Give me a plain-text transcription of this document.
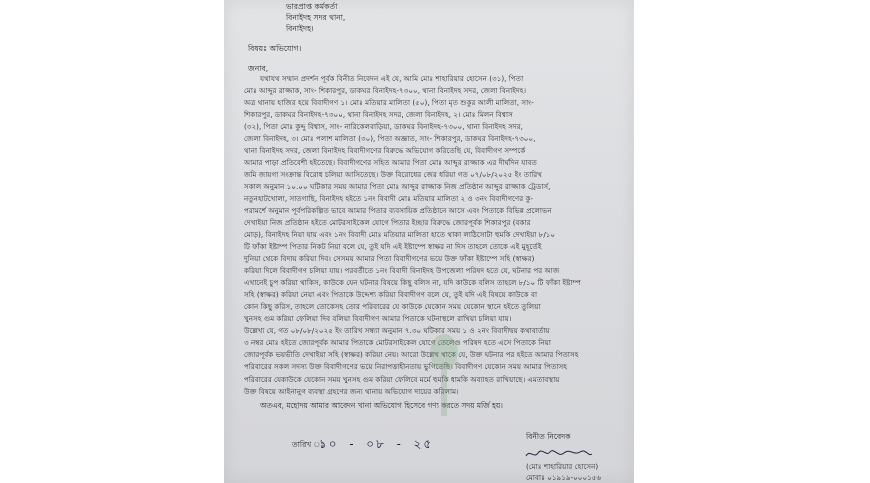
ভারপ্রাপ্ত কর্মকর্তা
বিনাইদহ সদর থানা,
বিনাইদহ।
বিষয়ঃ অভিযোগ।
জনাব,
যথাযথ সম্মান প্রদর্শন পূর্বক বিনীত নিবেদন এই যে, আমি মোঃ শাহারিয়ার হোসেন (৩১), পিতা
মোঃ আব্দুর রাজ্জাক, সাং- শিকারপুর, ডাকঘর বিনাইদহ-৭৩০০, থানা বিনাইদহ সদর, জেলা বিনাইদহ।
অত্র থানায় হাজির হয়ে বিবাদীগণ ১। মোঃ মতিয়ার মালিতা (৫০), পিতা মৃত শুকুর আলী মালিতা, সাং-
শিকারপুর, ডাকঘর বিনাইদহ-৭৩০০, থানা বিনাইদহ সদর, জেলা বিনাইদহ, ২। মোঃ মিলন বিশ্বাস
(৩২), পিতা মোঃ কুদ্দু বিশ্বাস, সাং- নারিকেলবাড়িয়া, ডাকঘর বিনাইদহ-৭৩০০, থানা বিনাইদহ সদর,
জেলা বিনাইদহ, ৩। মোঃ পলাশ মালিতা (৩০), পিতা অজ্ঞাত, সাং- শিকারপুর, ডাকঘর বিনাইদহ-৭৩০০,
থানা বিনাইদহ সদর, জেলা বিনাইদহ বিবাদীগণের বিরুদ্ধে অভিযোগ করিতেছি যে, বিবাদীগণ সম্পর্কে
আমার পাড়া প্রতিবেশী হইতেছে। বিবাদীগণের সহিত আমার পিতা মোঃ আব্দুর রাজ্জাক এর দীর্ঘদিন যাবত
জমি জায়গা সংক্রান্ত বিরোধ চলিয়া আসিতেছে। উক্ত বিরোধের জের ধরিয়া গত ০৭/০৮/২০২৫ ইং তারিখ
সকাল অনুমান ১০.০০ ঘটিকার সময় আমার পিতা মোঃ আব্দুর রাজ্জাক নিজ প্রতিষ্ঠান আব্দুর রাজ্জাক ট্রেডার্স,
নতুনহাটখোলা, সাতগাছি, বিনাইদহ হইতে ১নং বিবাদী মোঃ মতিয়ার মালিতা ২ ও ৩নং বিবাদীগণের কু-
পরামর্শে অনুমান পূর্বপরিকল্পিত ভাবে আমার পিতার ব্যবসায়িক প্রতিষ্ঠানে আসে এবং পিতাকে বিভিন্ন প্রলোভন
দেখাইয়া নিজ প্রতিষ্ঠান হইতে মোটরসাইকেল যোগে পিতার ইচ্ছার বিরুদ্ধে জোরপূর্বক শিকারপুর (বকার
মোড়), বিনাইদহ নিয়া যায় এবং ১নং বিবাদী মোঃ মতিয়ার মালিতা হাতে থাকা লাঠিসোটা হুমকি দেখাইয়া ৮/১০
টি ফাঁকা ইষ্টাম্প পিতার নিকট নিয়া বলে যে, তুই যদি এই ইষ্টাম্পে স্বাক্ষর না দিস তাহলে তোকে এই মুহূর্তেই
দুনিয়া থেকে বিদায় করিয়া দিব। সেসময় আমার পিতা বিবাদীগণের ভয়ে উক্ত ফাঁকা ইষ্টাম্পে সহি (স্বাক্ষর)
করিয়া দিলে বিবাদীগণ চলিয়া যায়। পরবর্তীতে ১নং বিবাদী বিনাইদহ উপজেলা পরিষদ হতে যে, ঘটনার পর আজ
এখানেই চুপ করিয়া থাকিস, কাউকে যেন ঘটনার বিষয়ে কিছু বলিস না, যদি কাউকে বলিস তাহলে ৮/১০ টি ফাঁকা ইষ্টাম্প
সহি (স্বাক্ষর) করিয়া নেয়া এবং পিতাকে উদ্দেশ্য করিয়া বিবাদীগণ বলে যে, তুই যদি এই বিষয়ে কাউকে বা
কোন কিছু করিস, তাহলে তোকেসহ তোর পরিবারের যে কাউকে যেকোন সময় যেকোন স্থানে হইতে তুলিয়া
খুনসহ গুম করিয়া ফেলিয়া দিব বলিয়া বিবাদীগণ আমার পিতাকে ঘটনাস্থলে রাখিয়া চলিয়া যায়।
উল্লেখ্য যে, গত ০৮/০৮/২০২৫ ইং তারিখ সন্ধ্যা অনুমান ৭.৩০ ঘটিকার সময় ১ ও ২নং বিবাদীদ্বয় কথাবার্তায়
৩ নম্বর মোঃ হইতে জোরপূর্বক আমার পিতাকে মোটরসাইকেল যোগে তেলেগু পরিষদ হতে এসে পিতাকে নিয়া
জোরপূর্বক ভয়ভীতি দেখাইয়া সহি (স্বাক্ষর) করিয়া নেয়। আরো উল্লেখ থাকে যে, উক্ত ঘটনার পর হইতে আমার পিতাসহ
পরিবারের সকল সদস্য উক্ত বিবাদীগণের ভয়ে নিরাপত্তাহীনতায় ভুগিতেছি। বিবাদীগণ যেকোন সময় আমার পিতাসহ
পরিবারের যেকাউকে যেকোন সময় খুনসহ গুম করিয়া ফেলিবে মর্মে হুমকি ধামকি অব্যাহত রাখিয়াছে। এমতাবস্থায়
উক্ত বিষয়ে আইনানুগ ব্যবস্থা গ্রহণের জন্য থানায় অভিযোগ দায়ের করিলাম।
অতএব, মহোদয় আমার আবেদন খানা অভিযোগ হিসেবে গণ্য করতে সদয় মর্জি হয়।
তারিখ ঃ
১০ - ০৮ - ২৫
বিনীত নিবেদক
(মোঃ শাহারিয়ার হোসেন)
মোবাঃ ০১৯১৯-০০০১৫৬
